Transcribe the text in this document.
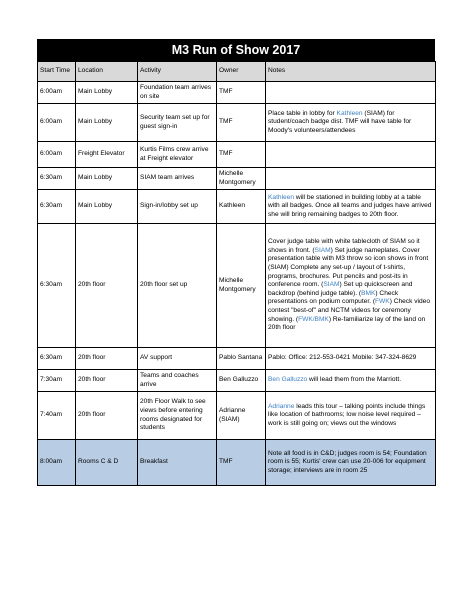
M3 Run of Show 2017
Start Time	Location	Activity	Owner	Notes
6:00am	Main Lobby	Foundation team arrives on site	TMF	
6:00am	Main Lobby	Security team set up for guest sign-in	TMF	Place table in lobby for Kathleen (SIAM) for student/coach badge dist. TMF will have table for Moody's volunteers/attendees
6:00am	Freight Elevator	Kurtis Films crew arrive at Freight elevator	TMF	
6:30am	Main Lobby	SIAM team arrives	Michelle Montgomery	
6:30am	Main Lobby	Sign-in/lobby set up	Kathleen	Kathleen will be stationed in building lobby at a table with all badges. Once all teams and judges have arrived she will bring remaining badges to 20th floor.
6:30am	20th floor	20th floor set up	Michelle Montgomery	Cover judge table with white tablecloth of SIAM so it shows in front. (SIAM) Set judge nameplates. Cover presentation table with M3 throw so icon shows in front (SIAM) Complete any set-up / layout of t-shirts, programs, brochures. Put pencils and post-its in conference room. (SIAM) Set up quickscreen and backdrop (behind judge table). (BMK) Check presentations on podium computer. (FWK) Check video contest "best-of" and NCTM videos for ceremony showing. (FWK/BMK) Re-familiarize lay of the land on 20th floor
6:30am	20th floor	AV support	Pablo Santana	Pablo: Office: 212-553-0421 Mobile: 347-324-8629
7:30am	20th floor	Teams and coaches arrive	Ben Galluzzo	Ben Galluzzo will lead them from the Marriott.
7:40am	20th floor	20th Floor Walk to see views before entering rooms designated for students	Adrianne (SIAM)	Adrianne leads this tour – talking points include things like location of bathrooms; low noise level required – work is still going on; views out the windows
8:00am	Rooms C & D	Breakfast	TMF	Note all food is in C&D; judges room is 54; Foundation room is 55; Kurtis' crew can use 20-006 for equipment storage; interviews are in room 25
